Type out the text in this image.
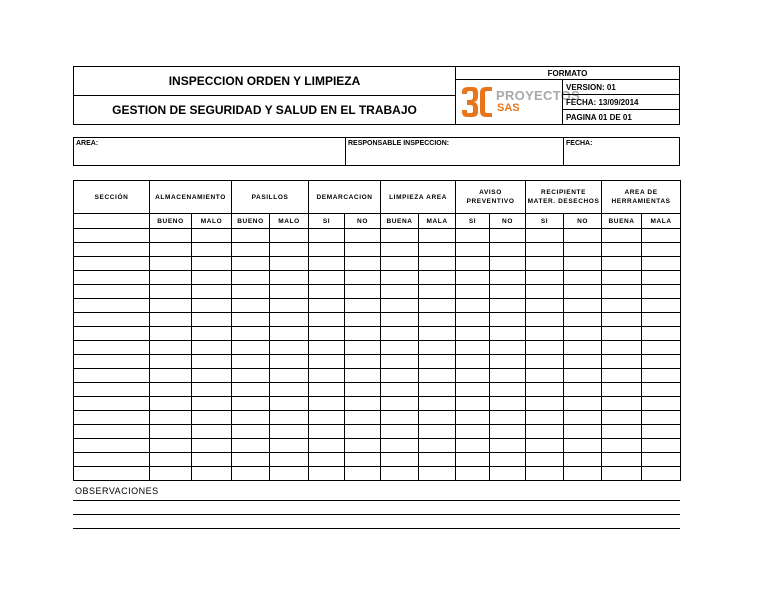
INSPECCION ORDEN Y LIMPIEZA
GESTION DE SEGURIDAD Y SALUD EN EL TRABAJO
FORMATO
PROYECTOS
SAS
VERSION: 01
FECHA: 13/09/2014
PAGINA 01 DE 01
AREA:	RESPONSABLE INSPECCION:	FECHA:
SECCIÓN	ALMACENAMIENTO		PASILLOS		DEMARCACION		LIMPIEZA AREA		AVISO PREVENTIVO		RECIPIENTE MATER. DESECHOS		AREA DE HERRAMIENTAS	
	BUENO	MALO	BUENO	MALO	SI	NO	BUENA	MALA	SI	NO	SI	NO	BUENA	MALA

OBSERVACIONES
